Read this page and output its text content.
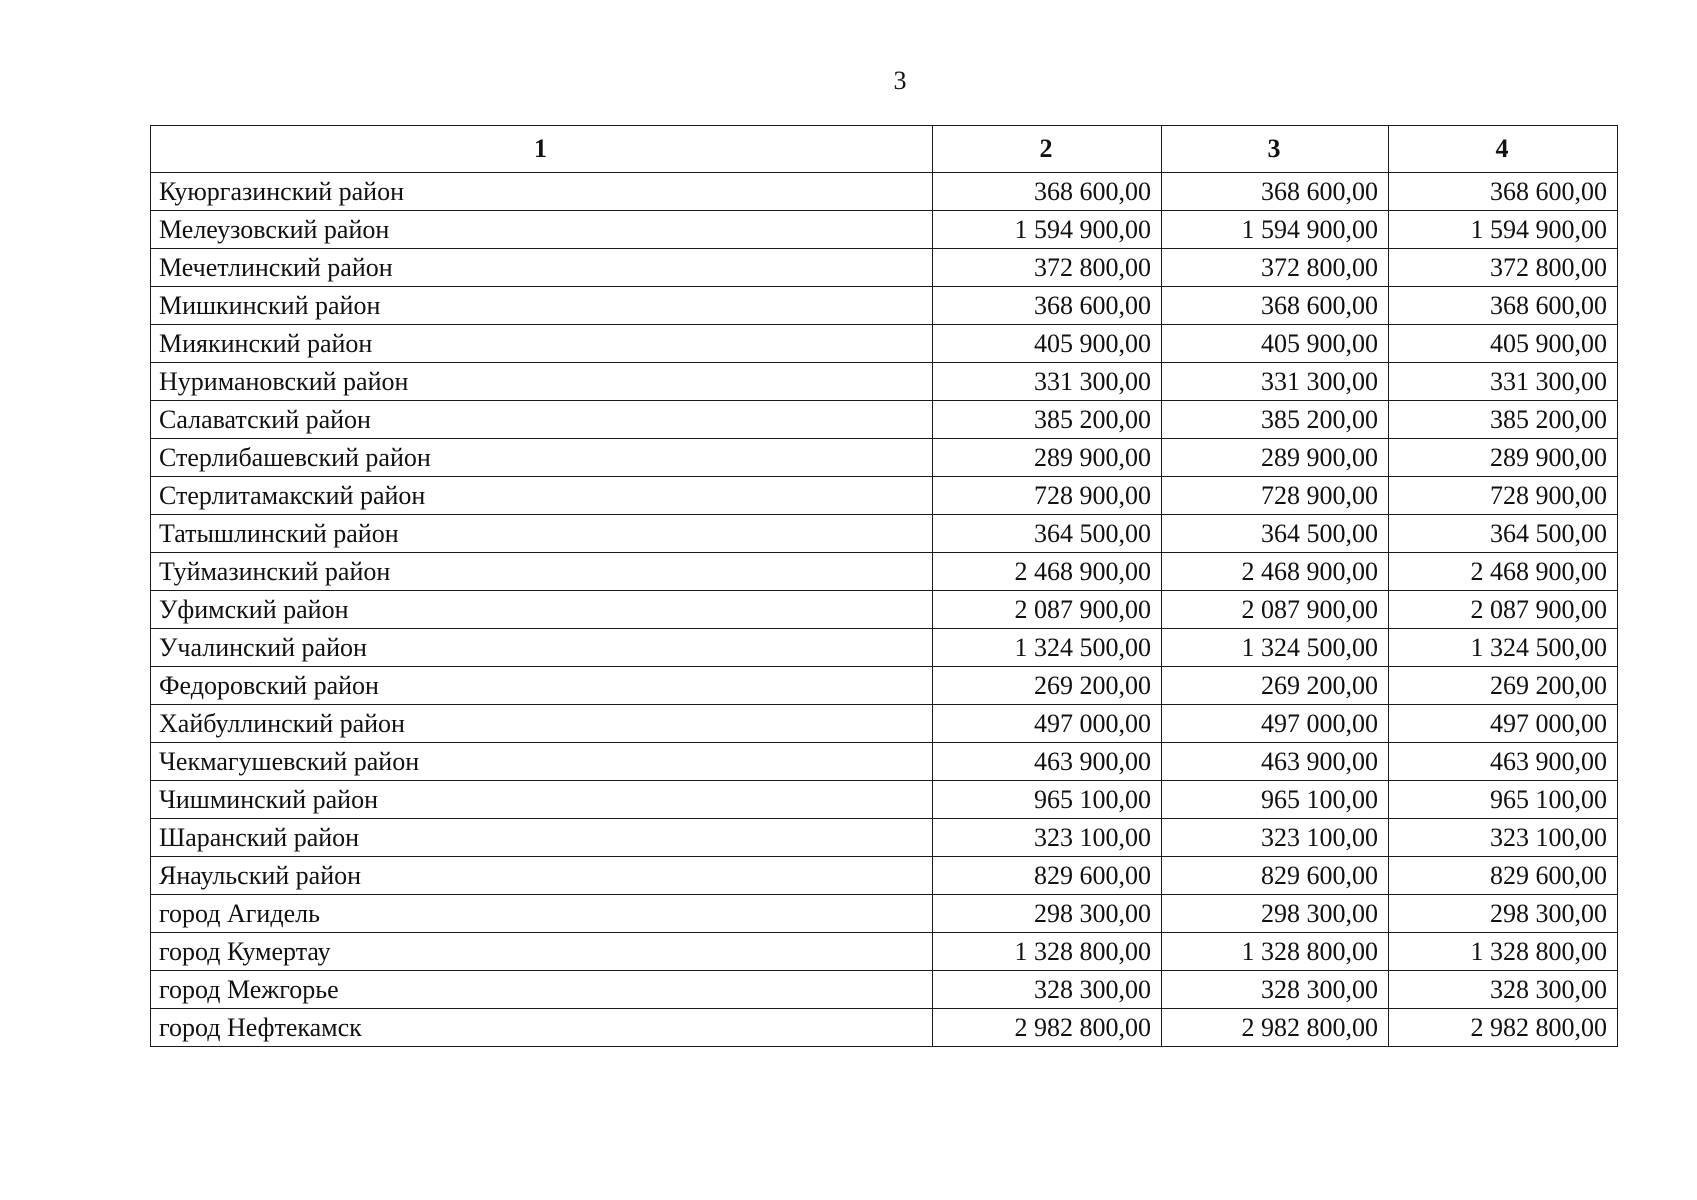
3
1	2	3	4
Куюргазинский район	368 600,00	368 600,00	368 600,00
Мелеузовский район	1 594 900,00	1 594 900,00	1 594 900,00
Мечетлинский район	372 800,00	372 800,00	372 800,00
Мишкинский район	368 600,00	368 600,00	368 600,00
Миякинский район	405 900,00	405 900,00	405 900,00
Нуримановский район	331 300,00	331 300,00	331 300,00
Салаватский район	385 200,00	385 200,00	385 200,00
Стерлибашевский район	289 900,00	289 900,00	289 900,00
Стерлитамакский район	728 900,00	728 900,00	728 900,00
Татышлинский район	364 500,00	364 500,00	364 500,00
Туймазинский район	2 468 900,00	2 468 900,00	2 468 900,00
Уфимский район	2 087 900,00	2 087 900,00	2 087 900,00
Учалинский район	1 324 500,00	1 324 500,00	1 324 500,00
Федоровский район	269 200,00	269 200,00	269 200,00
Хайбуллинский район	497 000,00	497 000,00	497 000,00
Чекмагушевский район	463 900,00	463 900,00	463 900,00
Чишминский район	965 100,00	965 100,00	965 100,00
Шаранский район	323 100,00	323 100,00	323 100,00
Янаульский район	829 600,00	829 600,00	829 600,00
город Агидель	298 300,00	298 300,00	298 300,00
город Кумертау	1 328 800,00	1 328 800,00	1 328 800,00
город Межгорье	328 300,00	328 300,00	328 300,00
город Нефтекамск	2 982 800,00	2 982 800,00	2 982 800,00
